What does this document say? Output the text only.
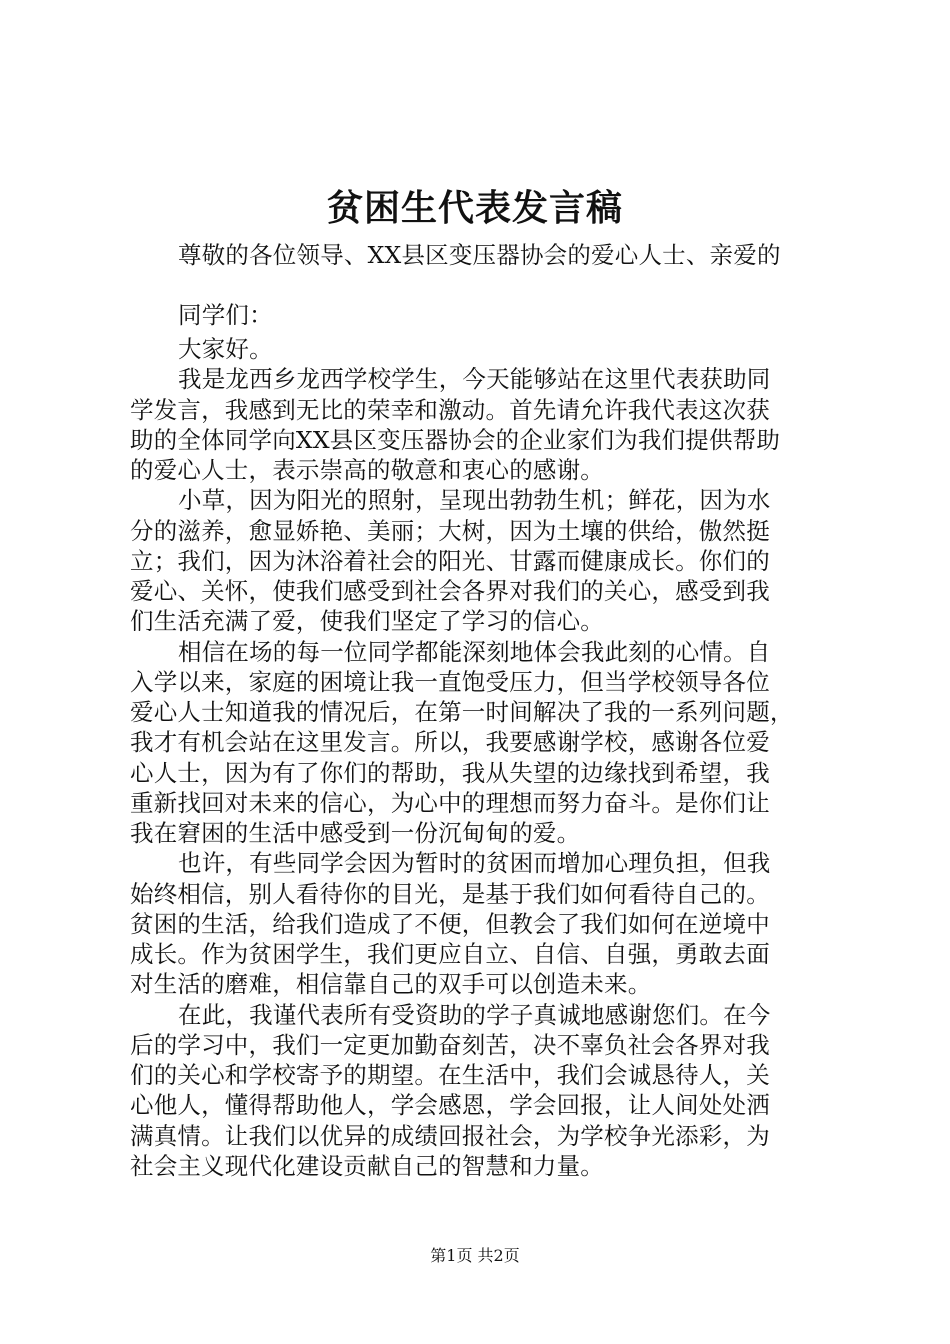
贫困生代表发言稿
尊敬的各位领导、XX县区变压器协会的爱心人士、亲爱的
同学们：
大家好。
我是龙西乡龙西学校学生，今天能够站在这里代表获助同
学发言，我感到无比的荣幸和激动。首先请允许我代表这次获
助的全体同学向XX县区变压器协会的企业家们为我们提供帮助
的爱心人士，表示崇高的敬意和衷心的感谢。
小草，因为阳光的照射，呈现出勃勃生机；鲜花，因为水
分的滋养，愈显娇艳、美丽；大树，因为土壤的供给，傲然挺
立；我们，因为沐浴着社会的阳光、甘露而健康成长。你们的
爱心、关怀，使我们感受到社会各界对我们的关心，感受到我
们生活充满了爱，使我们坚定了学习的信心。
相信在场的每一位同学都能深刻地体会我此刻的心情。自
入学以来，家庭的困境让我一直饱受压力，但当学校领导各位
爱心人士知道我的情况后，在第一时间解决了我的一系列问题，
我才有机会站在这里发言。所以，我要感谢学校，感谢各位爱
心人士，因为有了你们的帮助，我从失望的边缘找到希望，我
重新找回对未来的信心，为心中的理想而努力奋斗。是你们让
我在窘困的生活中感受到一份沉甸甸的爱。
也许，有些同学会因为暂时的贫困而增加心理负担，但我
始终相信，别人看待你的目光，是基于我们如何看待自己的。
贫困的生活，给我们造成了不便，但教会了我们如何在逆境中
成长。作为贫困学生，我们更应自立、自信、自强，勇敢去面
对生活的磨难，相信靠自己的双手可以创造未来。
在此，我谨代表所有受资助的学子真诚地感谢您们。在今
后的学习中，我们一定更加勤奋刻苦，决不辜负社会各界对我
们的关心和学校寄予的期望。在生活中，我们会诚恳待人，关
心他人，懂得帮助他人，学会感恩，学会回报，让人间处处洒
满真情。让我们以优异的成绩回报社会，为学校争光添彩，为
社会主义现代化建设贡献自己的智慧和力量。
第1页 共2页
